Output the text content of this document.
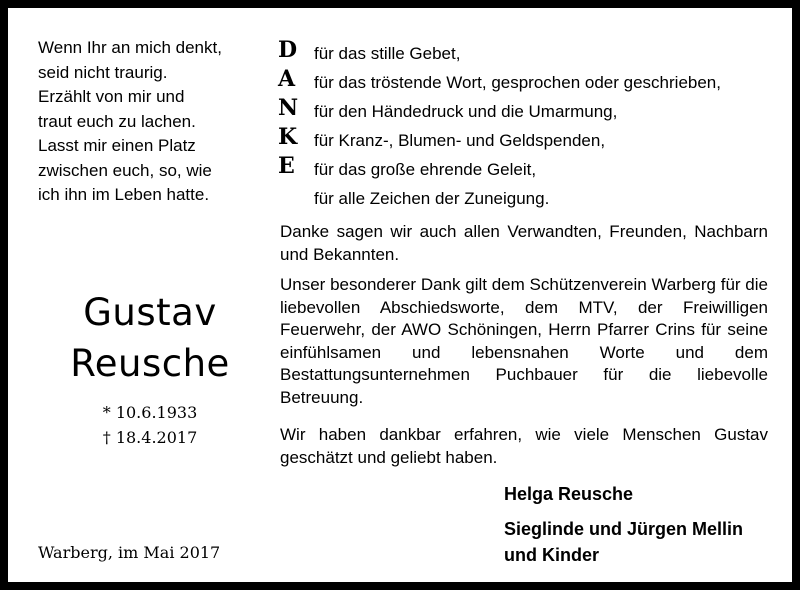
Wenn Ihr an mich denkt,
seid nicht traurig.
Erzählt von mir und
traut euch zu lachen.
Lasst mir einen Platz
zwischen euch, so, wie
ich ihn im Leben hatte.
Gustav
Reusche
* 10.6.1933
† 18.4.2017
Warberg, im Mai 2017
D
A
N
K
E
für das stille Gebet,
für das tröstende Wort, gesprochen oder geschrieben,
für den Händedruck und die Umarmung,
für Kranz-, Blumen- und Geldspenden,
für das große ehrende Geleit,
für alle Zeichen der Zuneigung.
Danke sagen wir auch allen Verwandten, Freunden, Nachbarn und Bekannten.
Unser besonderer Dank gilt dem Schützenverein Warberg für die liebevollen Abschiedsworte, dem MTV, der Freiwilligen Feuerwehr, der AWO Schöningen, Herrn Pfarrer Crins für seine einfühlsamen und lebensnahen Worte und dem Bestattungsunternehmen Puchbauer für die liebevolle Betreuung.
Wir haben dankbar erfahren, wie viele Menschen Gustav geschätzt und geliebt haben.
Helga Reusche
Sieglinde und Jürgen Mellin
und Kinder
